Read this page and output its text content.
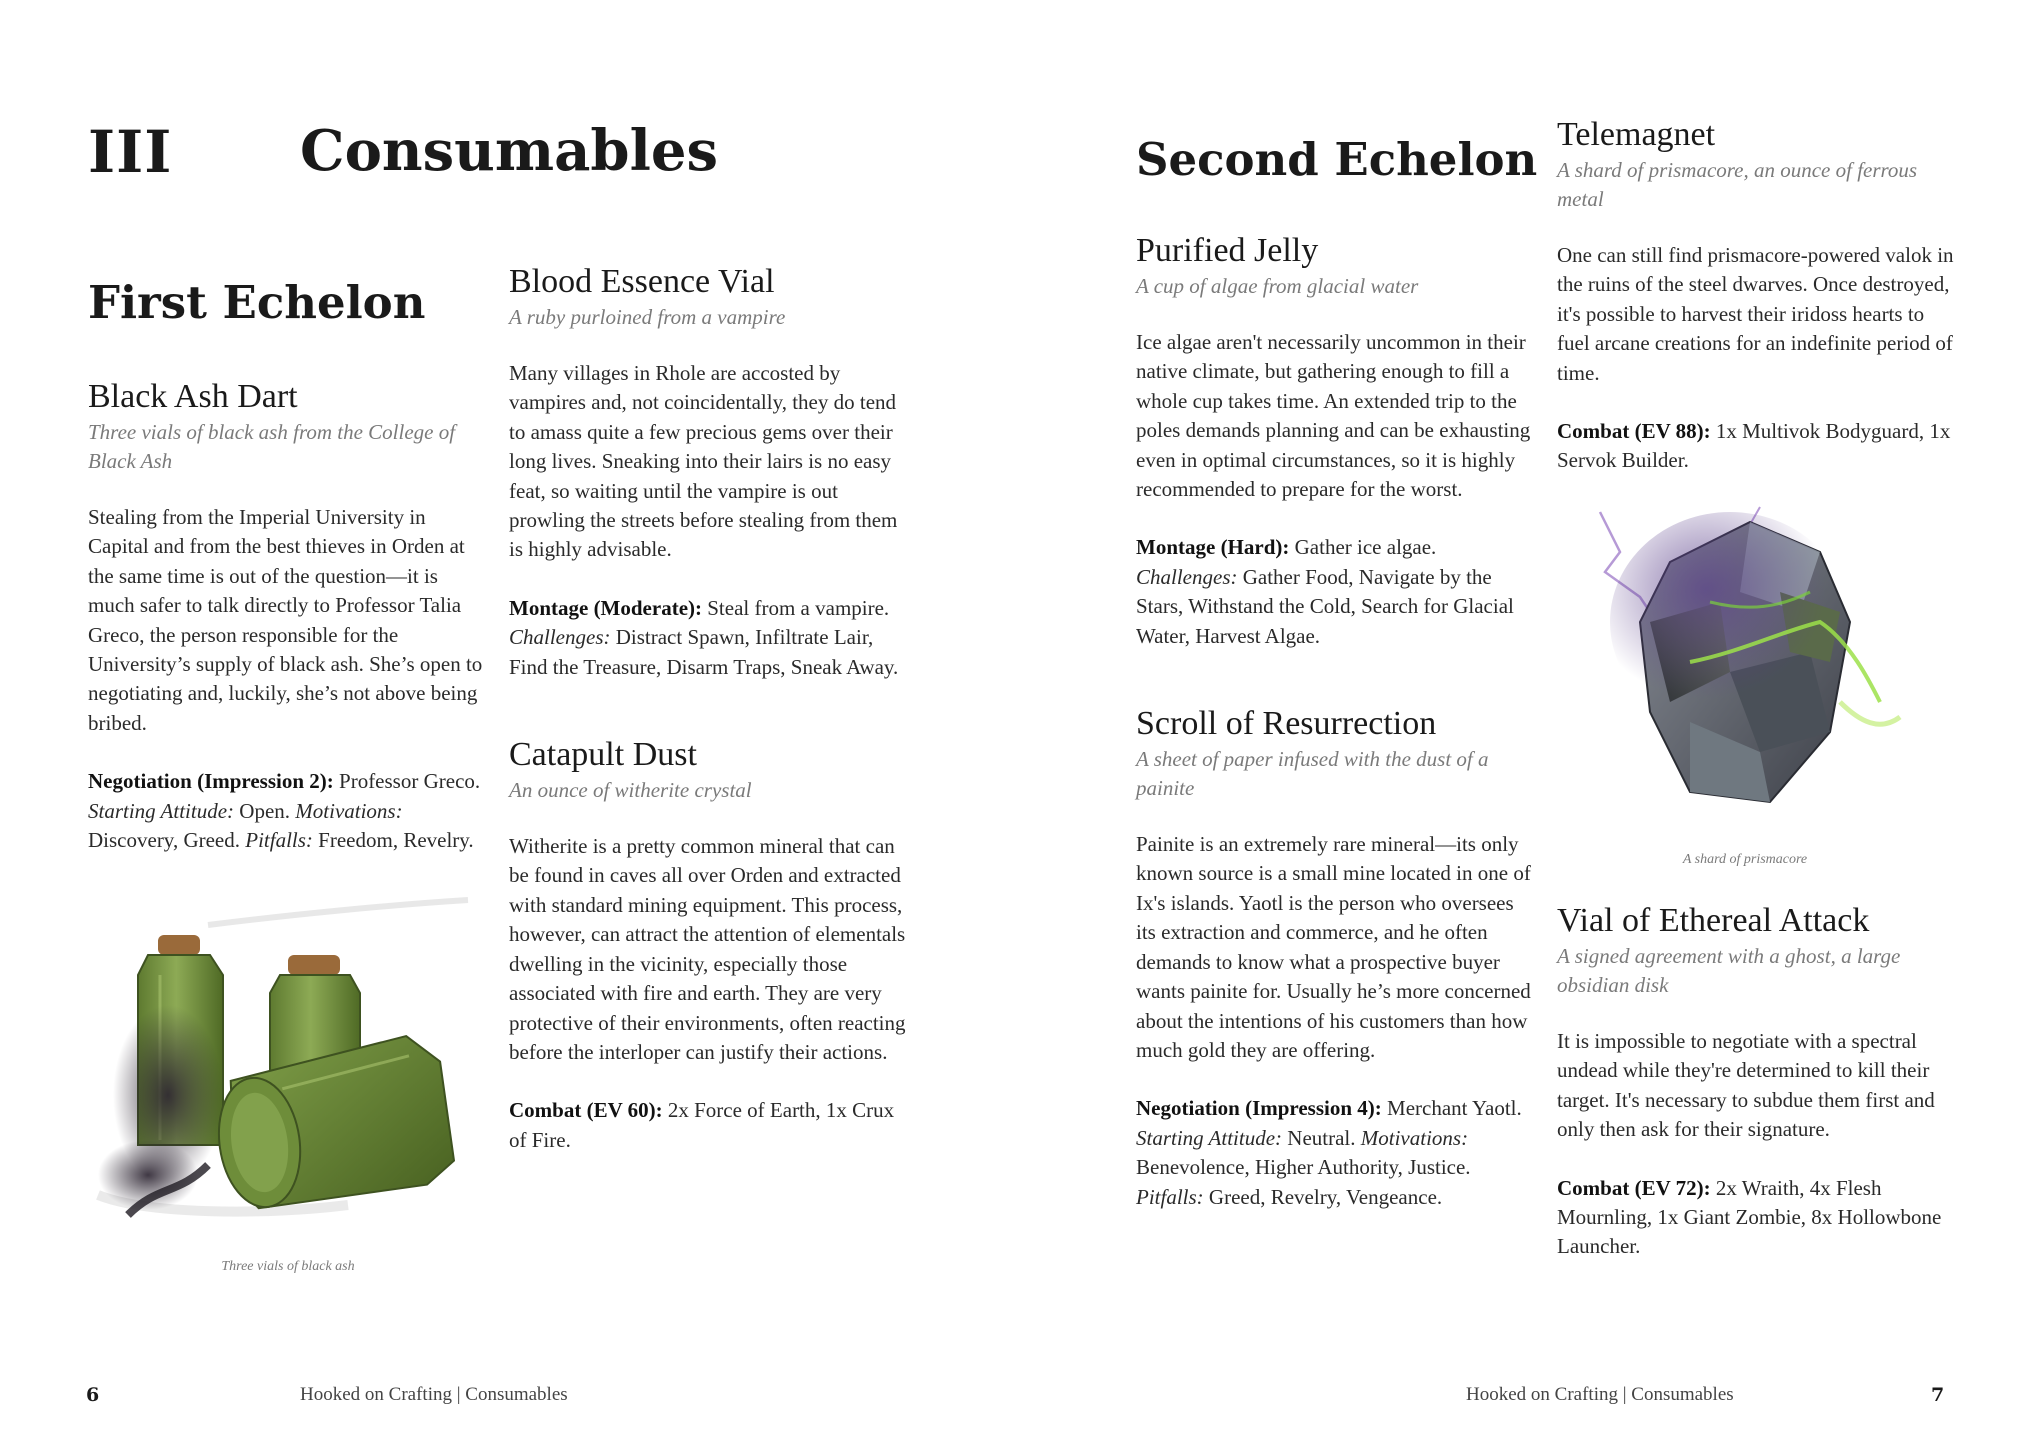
III Consumables
First Echelon
Black Ash Dart
Three vials of black ash from the College of Black Ash
Stealing from the Imperial University in Capital and from the best thieves in Orden at the same time is out of the question—it is much safer to talk directly to Professor Talia Greco, the person responsible for the University’s supply of black ash. She’s open to negotiating and, luckily, she’s not above being bribed.
Negotiation (Impression 2): Professor Greco. Starting Attitude: Open. Motivations: Discovery, Greed. Pitfalls: Freedom, Revelry.
Three vials of black ash
Blood Essence Vial
A ruby purloined from a vampire
Many villages in Rhole are accosted by vampires and, not coincidentally, they do tend to amass quite a few precious gems over their long lives. Sneaking into their lairs is no easy feat, so waiting until the vampire is out prowling the streets before stealing from them is highly advisable.
Montage (Moderate): Steal from a vampire. Challenges: Distract Spawn, Infiltrate Lair, Find the Treasure, Disarm Traps, Sneak Away.
Catapult Dust
An ounce of witherite crystal
Witherite is a pretty common mineral that can be found in caves all over Orden and extracted with standard mining equipment. This process, however, can attract the attention of elementals dwelling in the vicinity, especially those associated with fire and earth. They are very protective of their environments, often reacting before the interloper can justify their actions.
Combat (EV 60): 2x Force of Earth, 1x Crux of Fire.
6	Hooked on Crafting | Consumables
Second Echelon
Purified Jelly
A cup of algae from glacial water
Ice algae aren't necessarily uncommon in their native climate, but gathering enough to fill a whole cup takes time. An extended trip to the poles demands planning and can be exhausting even in optimal circumstances, so it is highly recommended to prepare for the worst.
Montage (Hard): Gather ice algae. Challenges: Gather Food, Navigate by the Stars, Withstand the Cold, Search for Glacial Water, Harvest Algae.
Scroll of Resurrection
A sheet of paper infused with the dust of a painite
Painite is an extremely rare mineral—its only known source is a small mine located in one of Ix's islands. Yaotl is the person who oversees its extraction and commerce, and he often demands to know what a prospective buyer wants painite for. Usually he’s more concerned about the intentions of his customers than how much gold they are offering.
Negotiation (Impression 4): Merchant Yaotl. Starting Attitude: Neutral. Motivations: Benevolence, Higher Authority, Justice. Pitfalls: Greed, Revelry, Vengeance.
Telemagnet
A shard of prismacore, an ounce of ferrous metal
One can still find prismacore-powered valok in the ruins of the steel dwarves. Once destroyed, it's possible to harvest their iridoss hearts to fuel arcane creations for an indefinite period of time.
Combat (EV 88): 1x Multivok Bodyguard, 1x Servok Builder.
A shard of prismacore
Vial of Ethereal Attack
A signed agreement with a ghost, a large obsidian disk
It is impossible to negotiate with a spectral undead while they're determined to kill their target. It's necessary to subdue them first and only then ask for their signature.
Combat (EV 72): 2x Wraith, 4x Flesh Mournling, 1x Giant Zombie, 8x Hollowbone Launcher.
Hooked on Crafting | Consumables	7
